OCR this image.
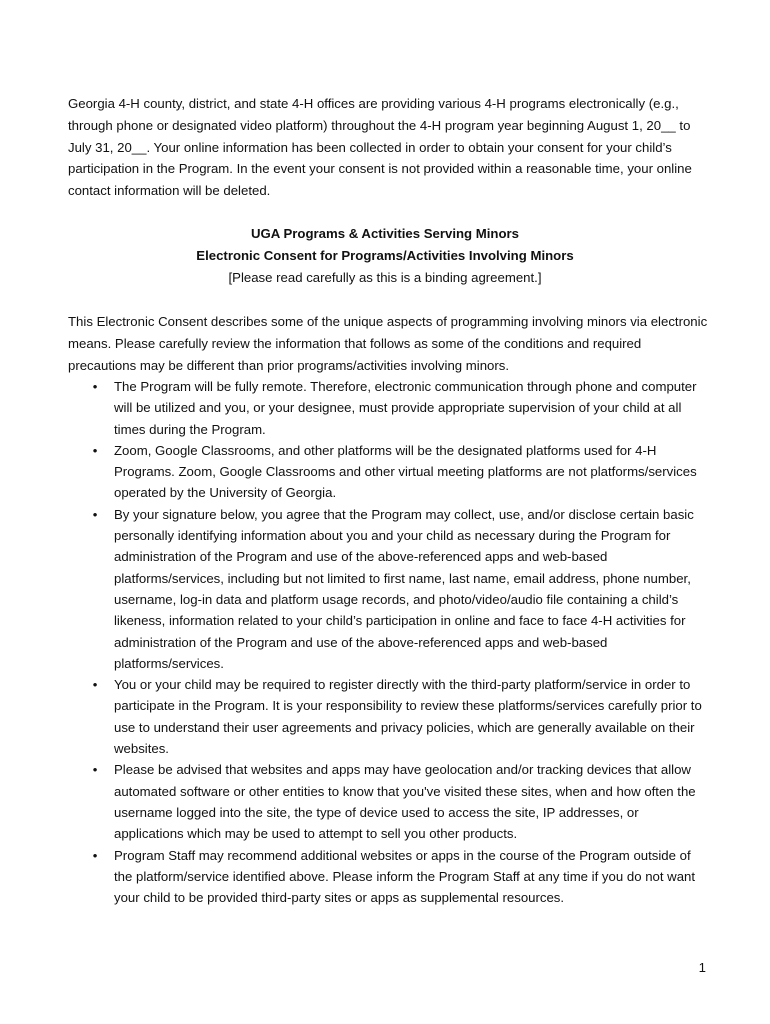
Georgia 4-H county, district, and state 4-H offices are providing various 4-H programs electronically (e.g., through phone or designated video platform) throughout the 4-H program year beginning August 1, 20__ to July 31, 20__. Your online information has been collected in order to obtain your consent for your child’s participation in the Program. In the event your consent is not provided within a reasonable time, your online contact information will be deleted.

UGA Programs & Activities Serving Minors
Electronic Consent for Programs/Activities Involving Minors
[Please read carefully as this is a binding agreement.]

This Electronic Consent describes some of the unique aspects of programming involving minors via electronic means. Please carefully review the information that follows as some of the conditions and required precautions may be different than prior programs/activities involving minors.

• The Program will be fully remote. Therefore, electronic communication through phone and computer will be utilized and you, or your designee, must provide appropriate supervision of your child at all times during the Program.
• Zoom, Google Classrooms, and other platforms will be the designated platforms used for 4-H Programs. Zoom, Google Classrooms and other virtual meeting platforms are not platforms/services operated by the University of Georgia.
• By your signature below, you agree that the Program may collect, use, and/or disclose certain basic personally identifying information about you and your child as necessary during the Program for administration of the Program and use of the above-referenced apps and web-based platforms/services, including but not limited to first name, last name, email address, phone number, username, log-in data and platform usage records, and photo/video/audio file containing a child’s likeness, information related to your child’s participation in online and face to face 4-H activities for administration of the Program and use of the above-referenced apps and web-based platforms/services.
• You or your child may be required to register directly with the third-party platform/service in order to participate in the Program. It is your responsibility to review these platforms/services carefully prior to use to understand their user agreements and privacy policies, which are generally available on their websites.
• Please be advised that websites and apps may have geolocation and/or tracking devices that allow automated software or other entities to know that you've visited these sites, when and how often the username logged into the site, the type of device used to access the site, IP addresses, or applications which may be used to attempt to sell you other products.
• Program Staff may recommend additional websites or apps in the course of the Program outside of the platform/service identified above. Please inform the Program Staff at any time if you do not want your child to be provided third-party sites or apps as supplemental resources.
1
